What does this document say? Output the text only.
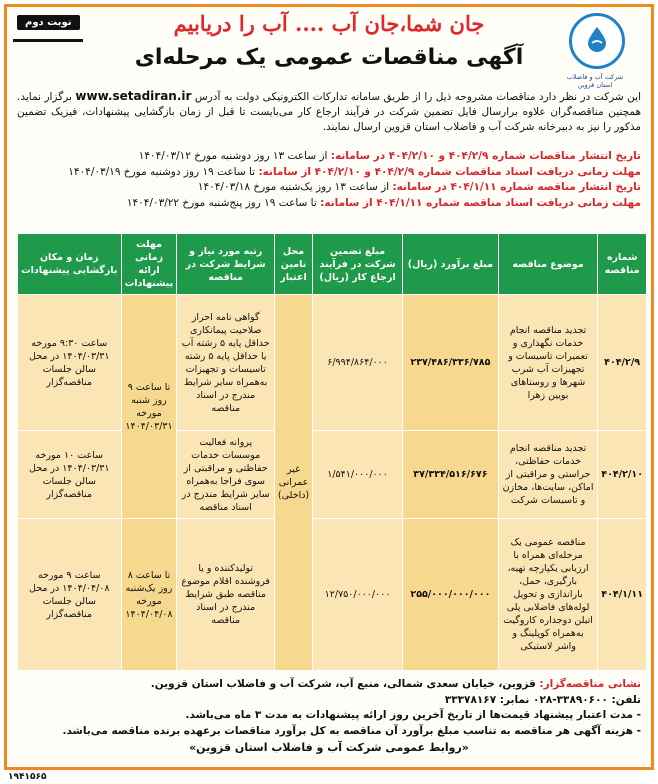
شرکت آب و فاضلاب
استان قزوین
جان شما،جان آب .... آب را دریابیم
آگهی مناقصات عمومی یک مرحله‌ای
نوبت دوم
این شرکت در نظر دارد مناقصات مشروحه ذیل را از طریق سامانه تدارکات الکترونیکی دولت به آدرس www.setadiran.ir برگزار نماید. همچنین مناقصه‌گران علاوه برارسال فایل تضمین شرکت در فرآیند ارجاع کار می‌بایست تا قبل از زمان بازگشایی پیشنهادات، فیزیک تضمین مذکور را نیز به دبیرخانه شرکت آب و فاضلاب استان قزوین ارسال نمایند.
تاریخ انتشار مناقصات شماره ۴۰۴/۲/۹ و ۴۰۴/۲/۱۰ در سامانه: از ساعت ۱۳ روز دوشنبه مورخ ۱۴۰۴/۰۳/۱۲
مهلت زمانی دریافت اسناد مناقصات شماره ۴۰۴/۲/۹ و ۴۰۴/۲/۱۰ از سامانه: تا ساعت ۱۹ روز دوشنبه مورخ ۱۴۰۴/۰۳/۱۹
تاریخ انتشار مناقصه شماره ۴۰۴/۱/۱۱ در سامانه: از ساعت ۱۳ روز یک‌شنبه مورخ ۱۴۰۴/۰۳/۱۸
مهلت زمانی دریافت اسناد مناقصه شماره ۴۰۴/۱/۱۱ از سامانه: تا ساعت ۱۹ روز پنج‌شنبه مورخ ۱۴۰۴/۰۳/۲۲
شماره مناقصه	موضوع مناقصه	مبلغ برآورد (ریال)	مبلغ تضمین شرکت در فرآیند ارجاع کار (ریال)	محل تامین اعتبار	رتبه مورد نیاز و شرایط شرکت در مناقصه	مهلت زمانی ارائه پیشنهادات	زمان و مکان بازگشایی پیشنهادات
۴۰۴/۲/۹	تجدید مناقصه انجام خدمات نگهداری و تعمیرات تاسیسات و تجهیزات آب شرب شهرها و روستاهای بویین زهرا	۲۳۷/۴۸۶/۳۳۶/۷۸۵	۶/۹۹۴/۸۶۴/۰۰۰	غیر عمرانی (داخلی)	گواهی نامه احراز صلاحیت پیمانکاری حداقل پایه ۵ رشته آب یا حداقل پایه ۵ رشته تاسیسات و تجهیزات به‌همراه سایر شرایط مندرج در اسناد مناقصه	تا ساعت ۹ روز شنبه مورخه ۱۴۰۴/۰۳/۳۱	ساعت ۹:۳۰ مورخه ۱۴۰۴/۰۳/۳۱ در محل سالن جلسات مناقصه‌گزار
۴۰۴/۲/۱۰	تجدید مناقصه انجام خدمات حفاظتی، حراستی و مراقبتی از اماکن، سایت‌ها، مخازن و تاسیسات شرکت	۳۷/۳۳۴/۵۱۶/۶۷۶	۱/۵۴۱/۰۰۰/۰۰۰		پروانه فعالیت موسسات خدمات حفاظتی و مراقبتی از سوی فراجا به‌همراه سایر شرایط مندرج در اسناد مناقصه		ساعت ۱۰ مورخه ۱۴۰۴/۰۳/۳۱ در محل سالن جلسات مناقصه‌گزار
۴۰۴/۱/۱۱	مناقصه عمومی یک مرحله‌ای همراه با ارزیابی یکپارچه تهیه، بارگیری، حمل، باراندازی و تحویل لوله‌های فاضلابی پلی اتیلن دوجداره کاروگیت به‌همراه کوپلینگ و واشر لاستیکی	۲۵۵/۰۰۰/۰۰۰/۰۰۰	۱۲/۷۵۰/۰۰۰/۰۰۰		تولیدکننده و یا فروشنده اقلام موضوع مناقصه طبق شرایط مندرج در اسناد مناقصه	تا ساعت ۸ روز یک‌شنبه مورخه ۱۴۰۴/۰۴/۰۸	ساعت ۹ مورخه ۱۴۰۴/۰۴/۰۸ در محل سالن جلسات مناقصه‌گزار
نشانی مناقصه‌گزار: قزوین، خیابان سعدی شمالی، منبع آب، شرکت آب و فاضلاب استان قزوین.
تلفن: ۳۳۸۹۰۶۰۰-۰۲۸ نمابر: ۳۳۳۷۸۱۶۷
- مدت اعتبار پیشنهاد قیمت‌ها از تاریخ آخرین روز ارائه پیشنهادات به مدت ۳ ماه می‌باشد.
- هزینه آگهی هر مناقصه به تناسب مبلغ برآورد آن مناقصه به کل برآورد مناقصات برعهده برنده مناقصه می‌باشد.
«روابط عمومی شرکت آب و فاضلاب استان قزوین»
۱۹۴۱۵۶۵
